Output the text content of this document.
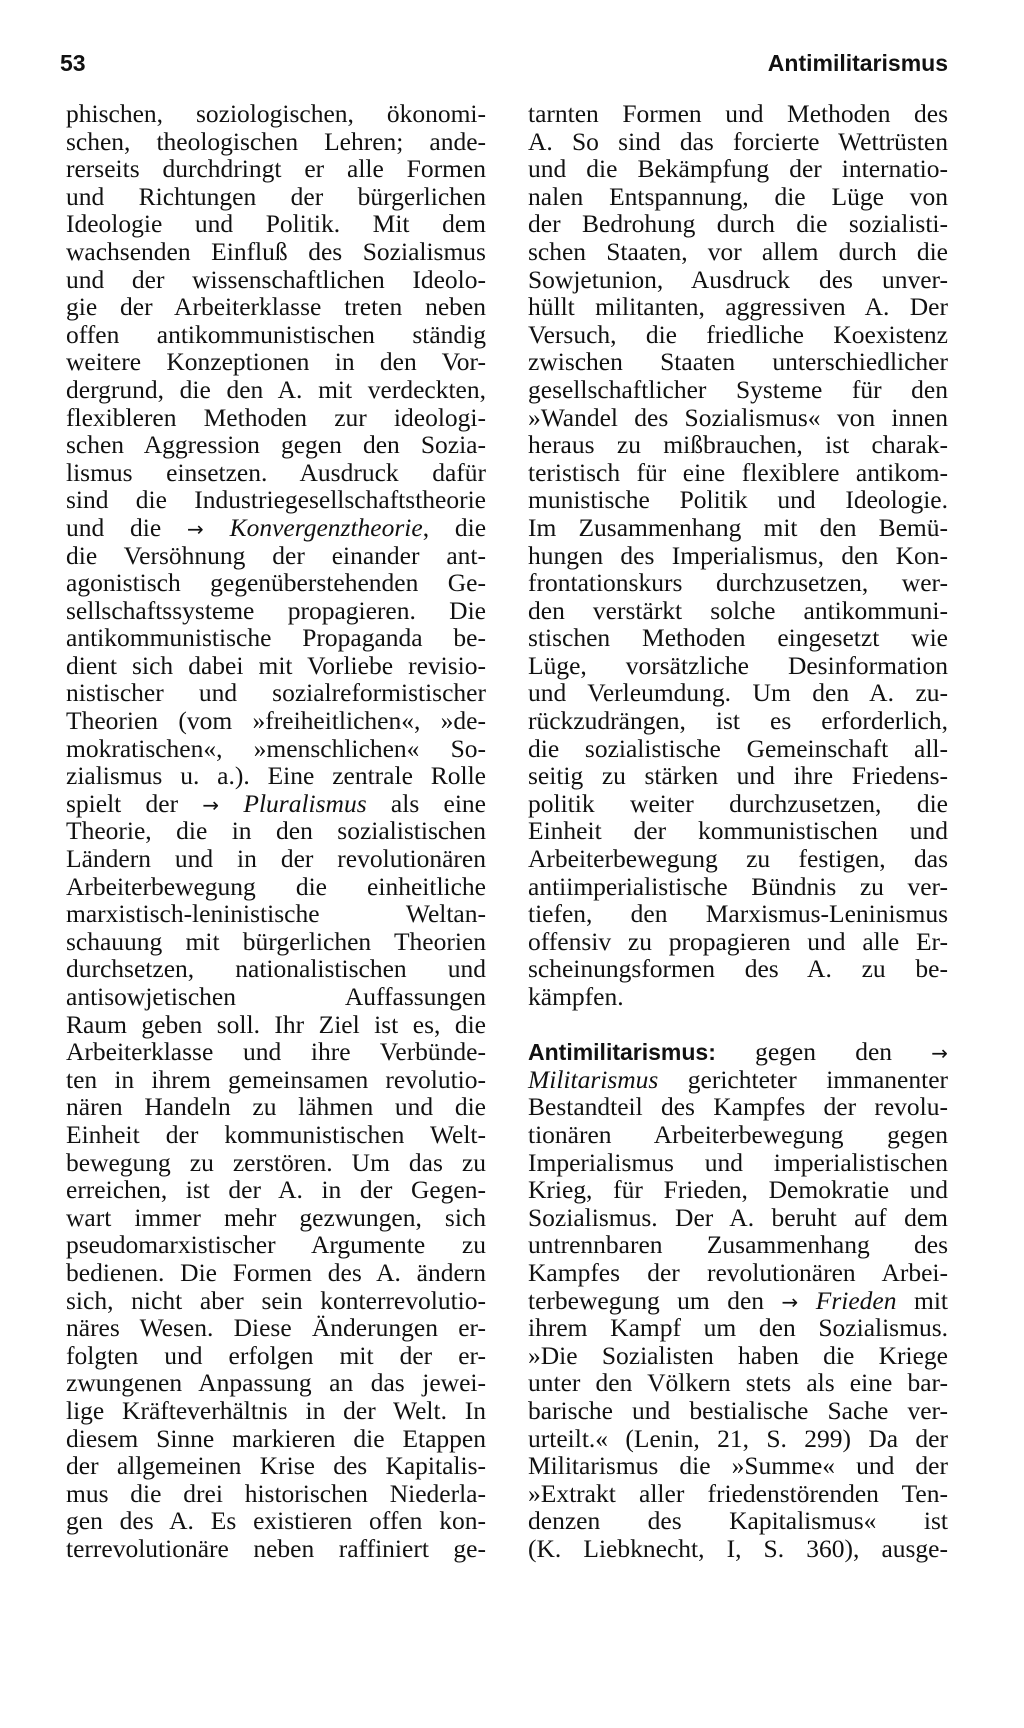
53	Antimilitarismus
phischen, soziologischen, ökonomi-
schen, theologischen Lehren; ande-
rerseits durchdringt er alle Formen
und Richtungen der bürgerlichen
Ideologie und Politik. Mit dem
wachsenden Einfluß des Sozialismus
und der wissenschaftlichen Ideolo-
gie der Arbeiterklasse treten neben
offen antikommunistischen ständig
weitere Konzeptionen in den Vor-
dergrund, die den A. mit verdeckten,
flexibleren Methoden zur ideologi-
schen Aggression gegen den Sozia-
lismus einsetzen. Ausdruck dafür
sind die Industriegesellschaftstheorie
und die → Konvergenztheorie, die
die Versöhnung der einander ant-
agonistisch gegenüberstehenden Ge-
sellschaftssysteme propagieren. Die
antikommunistische Propaganda be-
dient sich dabei mit Vorliebe revisio-
nistischer und sozialreformistischer
Theorien (vom »freiheitlichen«, »de-
mokratischen«, »menschlichen« So-
zialismus u. a.). Eine zentrale Rolle
spielt der → Pluralismus als eine
Theorie, die in den sozialistischen
Ländern und in der revolutionären
Arbeiterbewegung die einheitliche
marxistisch-leninistische Weltan-
schauung mit bürgerlichen Theorien
durchsetzen, nationalistischen und
antisowjetischen Auffassungen
Raum geben soll. Ihr Ziel ist es, die
Arbeiterklasse und ihre Verbünde-
ten in ihrem gemeinsamen revolutio-
nären Handeln zu lähmen und die
Einheit der kommunistischen Welt-
bewegung zu zerstören. Um das zu
erreichen, ist der A. in der Gegen-
wart immer mehr gezwungen, sich
pseudomarxistischer Argumente zu
bedienen. Die Formen des A. ändern
sich, nicht aber sein konterrevolutio-
näres Wesen. Diese Änderungen er-
folgten und erfolgen mit der er-
zwungenen Anpassung an das jewei-
lige Kräfteverhältnis in der Welt. In
diesem Sinne markieren die Etappen
der allgemeinen Krise des Kapitalis-
mus die drei historischen Niederla-
gen des A. Es existieren offen kon-
terrevolutionäre neben raffiniert ge-
tarnten Formen und Methoden des
A. So sind das forcierte Wettrüsten
und die Bekämpfung der internatio-
nalen Entspannung, die Lüge von
der Bedrohung durch die sozialisti-
schen Staaten, vor allem durch die
Sowjetunion, Ausdruck des unver-
hüllt militanten, aggressiven A. Der
Versuch, die friedliche Koexistenz
zwischen Staaten unterschiedlicher
gesellschaftlicher Systeme für den
»Wandel des Sozialismus« von innen
heraus zu mißbrauchen, ist charak-
teristisch für eine flexiblere antikom-
munistische Politik und Ideologie.
Im Zusammenhang mit den Bemü-
hungen des Imperialismus, den Kon-
frontationskurs durchzusetzen, wer-
den verstärkt solche antikommuni-
stischen Methoden eingesetzt wie
Lüge, vorsätzliche Desinformation
und Verleumdung. Um den A. zu-
rückzudrängen, ist es erforderlich,
die sozialistische Gemeinschaft all-
seitig zu stärken und ihre Friedens-
politik weiter durchzusetzen, die
Einheit der kommunistischen und
Arbeiterbewegung zu festigen, das
antiimperialistische Bündnis zu ver-
tiefen, den Marxismus-Leninismus
offensiv zu propagieren und alle Er-
scheinungsformen des A. zu be-
kämpfen.
Antimilitarismus: gegen den →
Militarismus gerichteter immanenter
Bestandteil des Kampfes der revolu-
tionären Arbeiterbewegung gegen
Imperialismus und imperialistischen
Krieg, für Frieden, Demokratie und
Sozialismus. Der A. beruht auf dem
untrennbaren Zusammenhang des
Kampfes der revolutionären Arbei-
terbewegung um den → Frieden mit
ihrem Kampf um den Sozialismus.
»Die Sozialisten haben die Kriege
unter den Völkern stets als eine bar-
barische und bestialische Sache ver-
urteilt.« (Lenin, 21, S. 299) Da der
Militarismus die »Summe« und der
»Extrakt aller friedenstörenden Ten-
denzen des Kapitalismus« ist
(K. Liebknecht, I, S. 360), ausge-
